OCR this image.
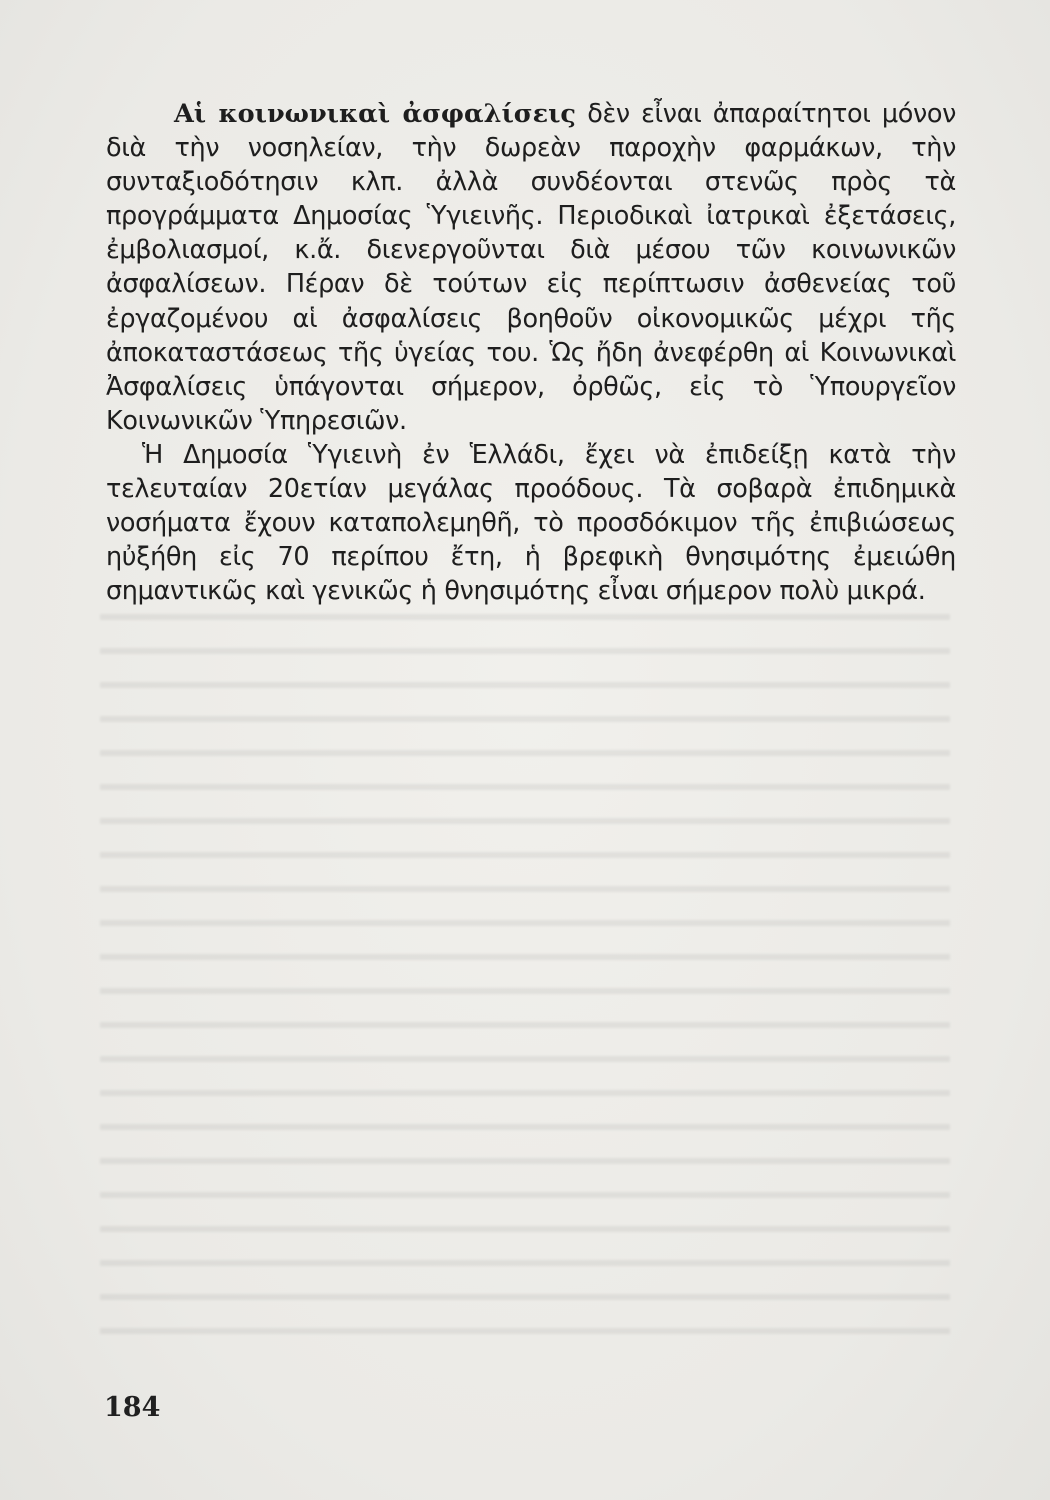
Αἱ κοινωνικαὶ ἀσφαλίσεις δὲν εἶναι ἀπαραίτητοι μόνον διὰ τὴν νοσηλείαν, τὴν δωρεὰν παροχὴν φαρμάκων, τὴν συνταξιοδότησιν κλπ. ἀλλὰ συνδέονται στενῶς πρὸς τὰ προγράμματα Δημοσίας Ὑγιεινῆς. Περιοδικαὶ ἰατρικαὶ ἐξετάσεις, ἐμβολιασμοί, κ.ἄ. διενεργοῦνται διὰ μέσου τῶν κοινωνικῶν ἀσφαλίσεων. Πέραν δὲ τούτων εἰς περίπτωσιν ἀσθενείας τοῦ ἐργαζομένου αἱ ἀσφαλίσεις βοηθοῦν οἰκονομικῶς μέχρι τῆς ἀποκαταστάσεως τῆς ὑγείας του. Ὡς ἤδη ἀνεφέρθη αἱ Κοινωνικαὶ Ἀσφαλίσεις ὑπάγονται σήμερον, ὀρθῶς, εἰς τὸ Ὑπουργεῖον Κοινωνικῶν Ὑπηρεσιῶν.

Ἡ Δημοσία Ὑγιεινὴ ἐν Ἑλλάδι, ἔχει νὰ ἐπιδείξῃ κατὰ τὴν τελευταίαν 20ετίαν μεγάλας προόδους. Τὰ σοβαρὰ ἐπιδημικὰ νοσήματα ἔχουν καταπολεμηθῆ, τὸ προσδόκιμον τῆς ἐπιβιώσεως ηὐξήθη εἰς 70 περίπου ἔτη, ἡ βρεφικὴ θνησιμότης ἐμειώθη σημαντικῶς καὶ γενικῶς ἡ θνησιμότης εἶναι σήμερον πολὺ μικρά.

184
